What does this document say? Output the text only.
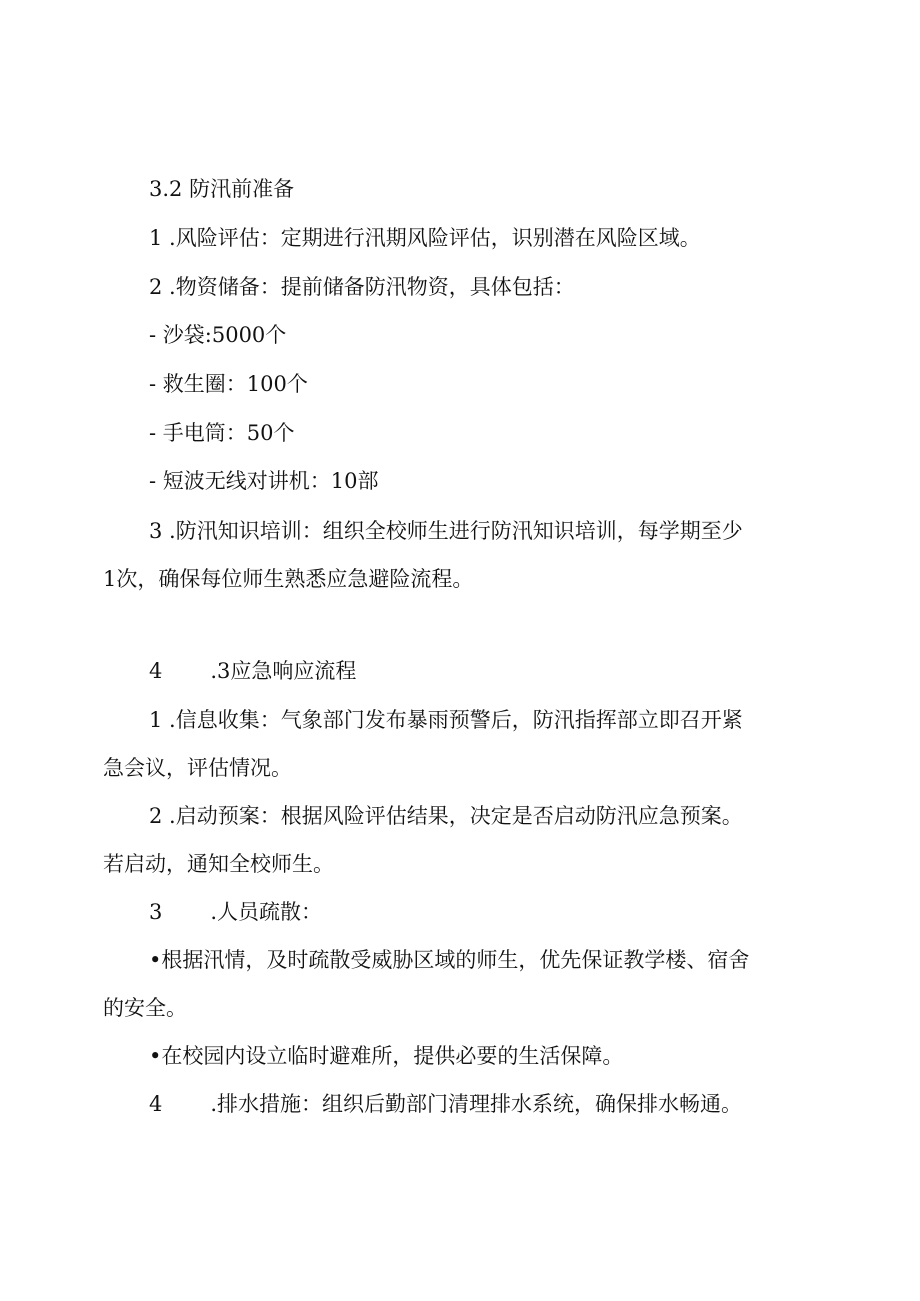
3.2 防汛前准备
1 .风险评估：定期进行汛期风险评估，识别潜在风险区域。
2 .物资储备：提前储备防汛物资，具体包括：
- 沙袋:5000个
- 救生圈：100个
- 手电筒：50个
- 短波无线对讲机：10部
3 .防汛知识培训：组织全校师生进行防汛知识培训，每学期至少
1次，确保每位师生熟悉应急避险流程。
4 .3应急响应流程
1 .信息收集：气象部门发布暴雨预警后，防汛指挥部立即召开紧
急会议，评估情况。
2 .启动预案：根据风险评估结果，决定是否启动防汛应急预案。
若启动，通知全校师生。
3 .人员疏散：
•根据汛情，及时疏散受威胁区域的师生，优先保证教学楼、宿舍
的安全。
•在校园内设立临时避难所，提供必要的生活保障。
4 .排水措施：组织后勤部门清理排水系统，确保排水畅通。
